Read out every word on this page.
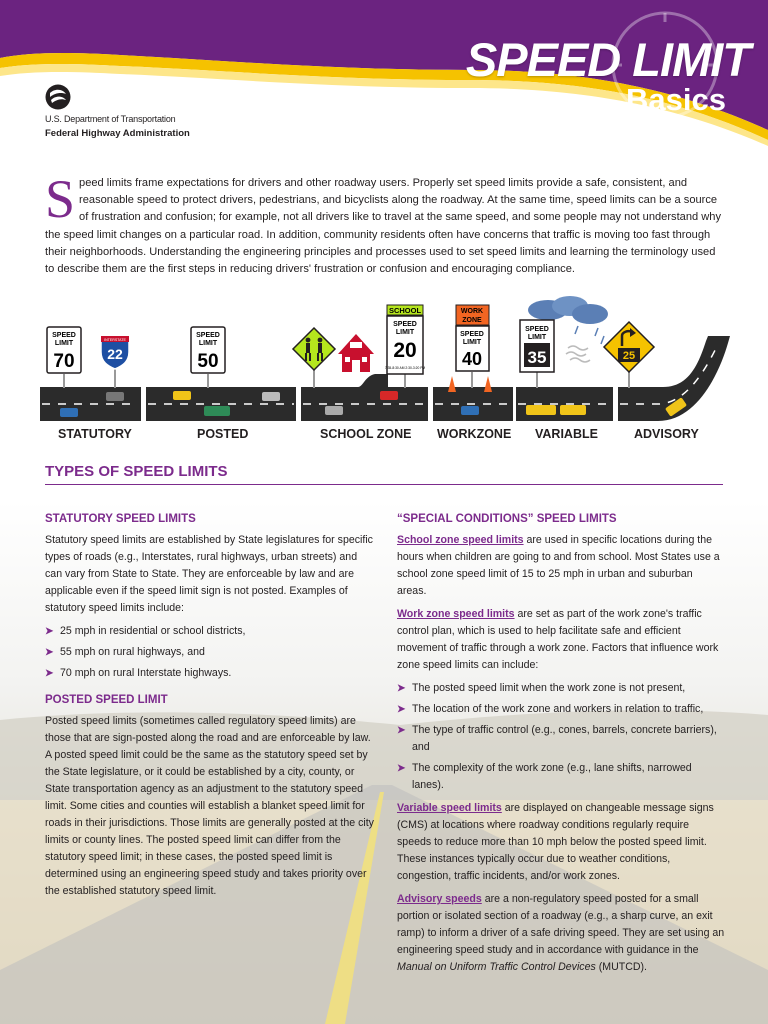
SPEED LIMIT
Basics
U.S. Department of Transportation
Federal Highway Administration
S peed limits frame expectations for drivers and other roadway users. Properly set speed limits provide a safe, consistent, and reasonable speed to protect drivers, pedestrians, and bicyclists along the roadway. At the same time, speed limits can be a source of frustration and confusion; for example, not all drivers like to travel at the same speed, and some people may not understand why the speed limit changes on a particular road. In addition, community residents often have concerns that traffic is moving too fast through their neighborhoods. Understanding the engineering principles and processes used to set speed limits and learning the terminology used to describe them are the first steps in reducing drivers' frustration or confusion and encouraging compliance.
SPEED
LIMIT
70
INTERSTATE
22
SPEED
LIMIT
50
SCHOOL
SPEED
LIMIT
20
7:35-8:30 AM 2:30-3:20 PM
WORK
ZONE
SPEED
LIMIT
40
SPEED
LIMIT
35	25
STATUTORY	POSTED	SCHOOL ZONE WORKZONE VARIABLE	ADVISORY
TYPES OF SPEED LIMITS
STATUTORY SPEED LIMITS

Statutory speed limits are established by State legislatures for specific types of roads (e.g., Interstates, rural highways, urban streets) and can vary from State to State. They are enforceable by law and are applicable even if the speed limit sign is not posted. Examples of statutory speed limits include:

➤ 25 mph in residential or school districts,
➤ 55 mph on rural highways, and
➤ 70 mph on rural Interstate highways.
POSTED SPEED LIMIT

Posted speed limits (sometimes called regulatory speed limits) are those that are sign-posted along the road and are enforceable by law. A posted speed limit could be the same as the statutory speed set by the State legislature, or it could be established by a city, county, or State transportation agency as an adjustment to the statutory speed limit. Some cities and counties will establish a blanket speed limit for roads in their jurisdictions. Those limits are generally posted at the city limits or county lines. The posted speed limit can differ from the statutory speed limit; in these cases, the posted speed limit is determined using an engineering speed study and takes priority over the established statutory speed limit.

“SPECIAL CONDITIONS” SPEED LIMITS

School zone speed limits are used in specific locations during the hours when children are going to and from school. Most States use a school zone speed limit of 15 to 25 mph in urban and suburban areas.

Work zone speed limits are set as part of the work zone's traffic control plan, which is used to help facilitate safe and efficient movement of traffic through a work zone. Factors that influence work zone speed limits can include:

➤ The posted speed limit when the work zone is not present,
➤ The location of the work zone and workers in relation to traffic,
➤ The type of traffic control (e.g., cones, barrels, concrete barriers), and
➤ The complexity of the work zone (e.g., lane shifts, narrowed lanes).

Variable speed limits are displayed on changeable message signs (CMS) at locations where roadway conditions regularly require speeds to reduce more than 10 mph below the posted speed limit. These instances typically occur due to weather conditions, congestion, traffic incidents, and/or work zones.

Advisory speeds are a non-regulatory speed posted for a small portion or isolated section of a roadway (e.g., a sharp curve, an exit ramp) to inform a driver of a safe driving speed. They are set using an engineering speed study and in accordance with guidance in the Manual on Uniform Traffic Control Devices (MUTCD).
